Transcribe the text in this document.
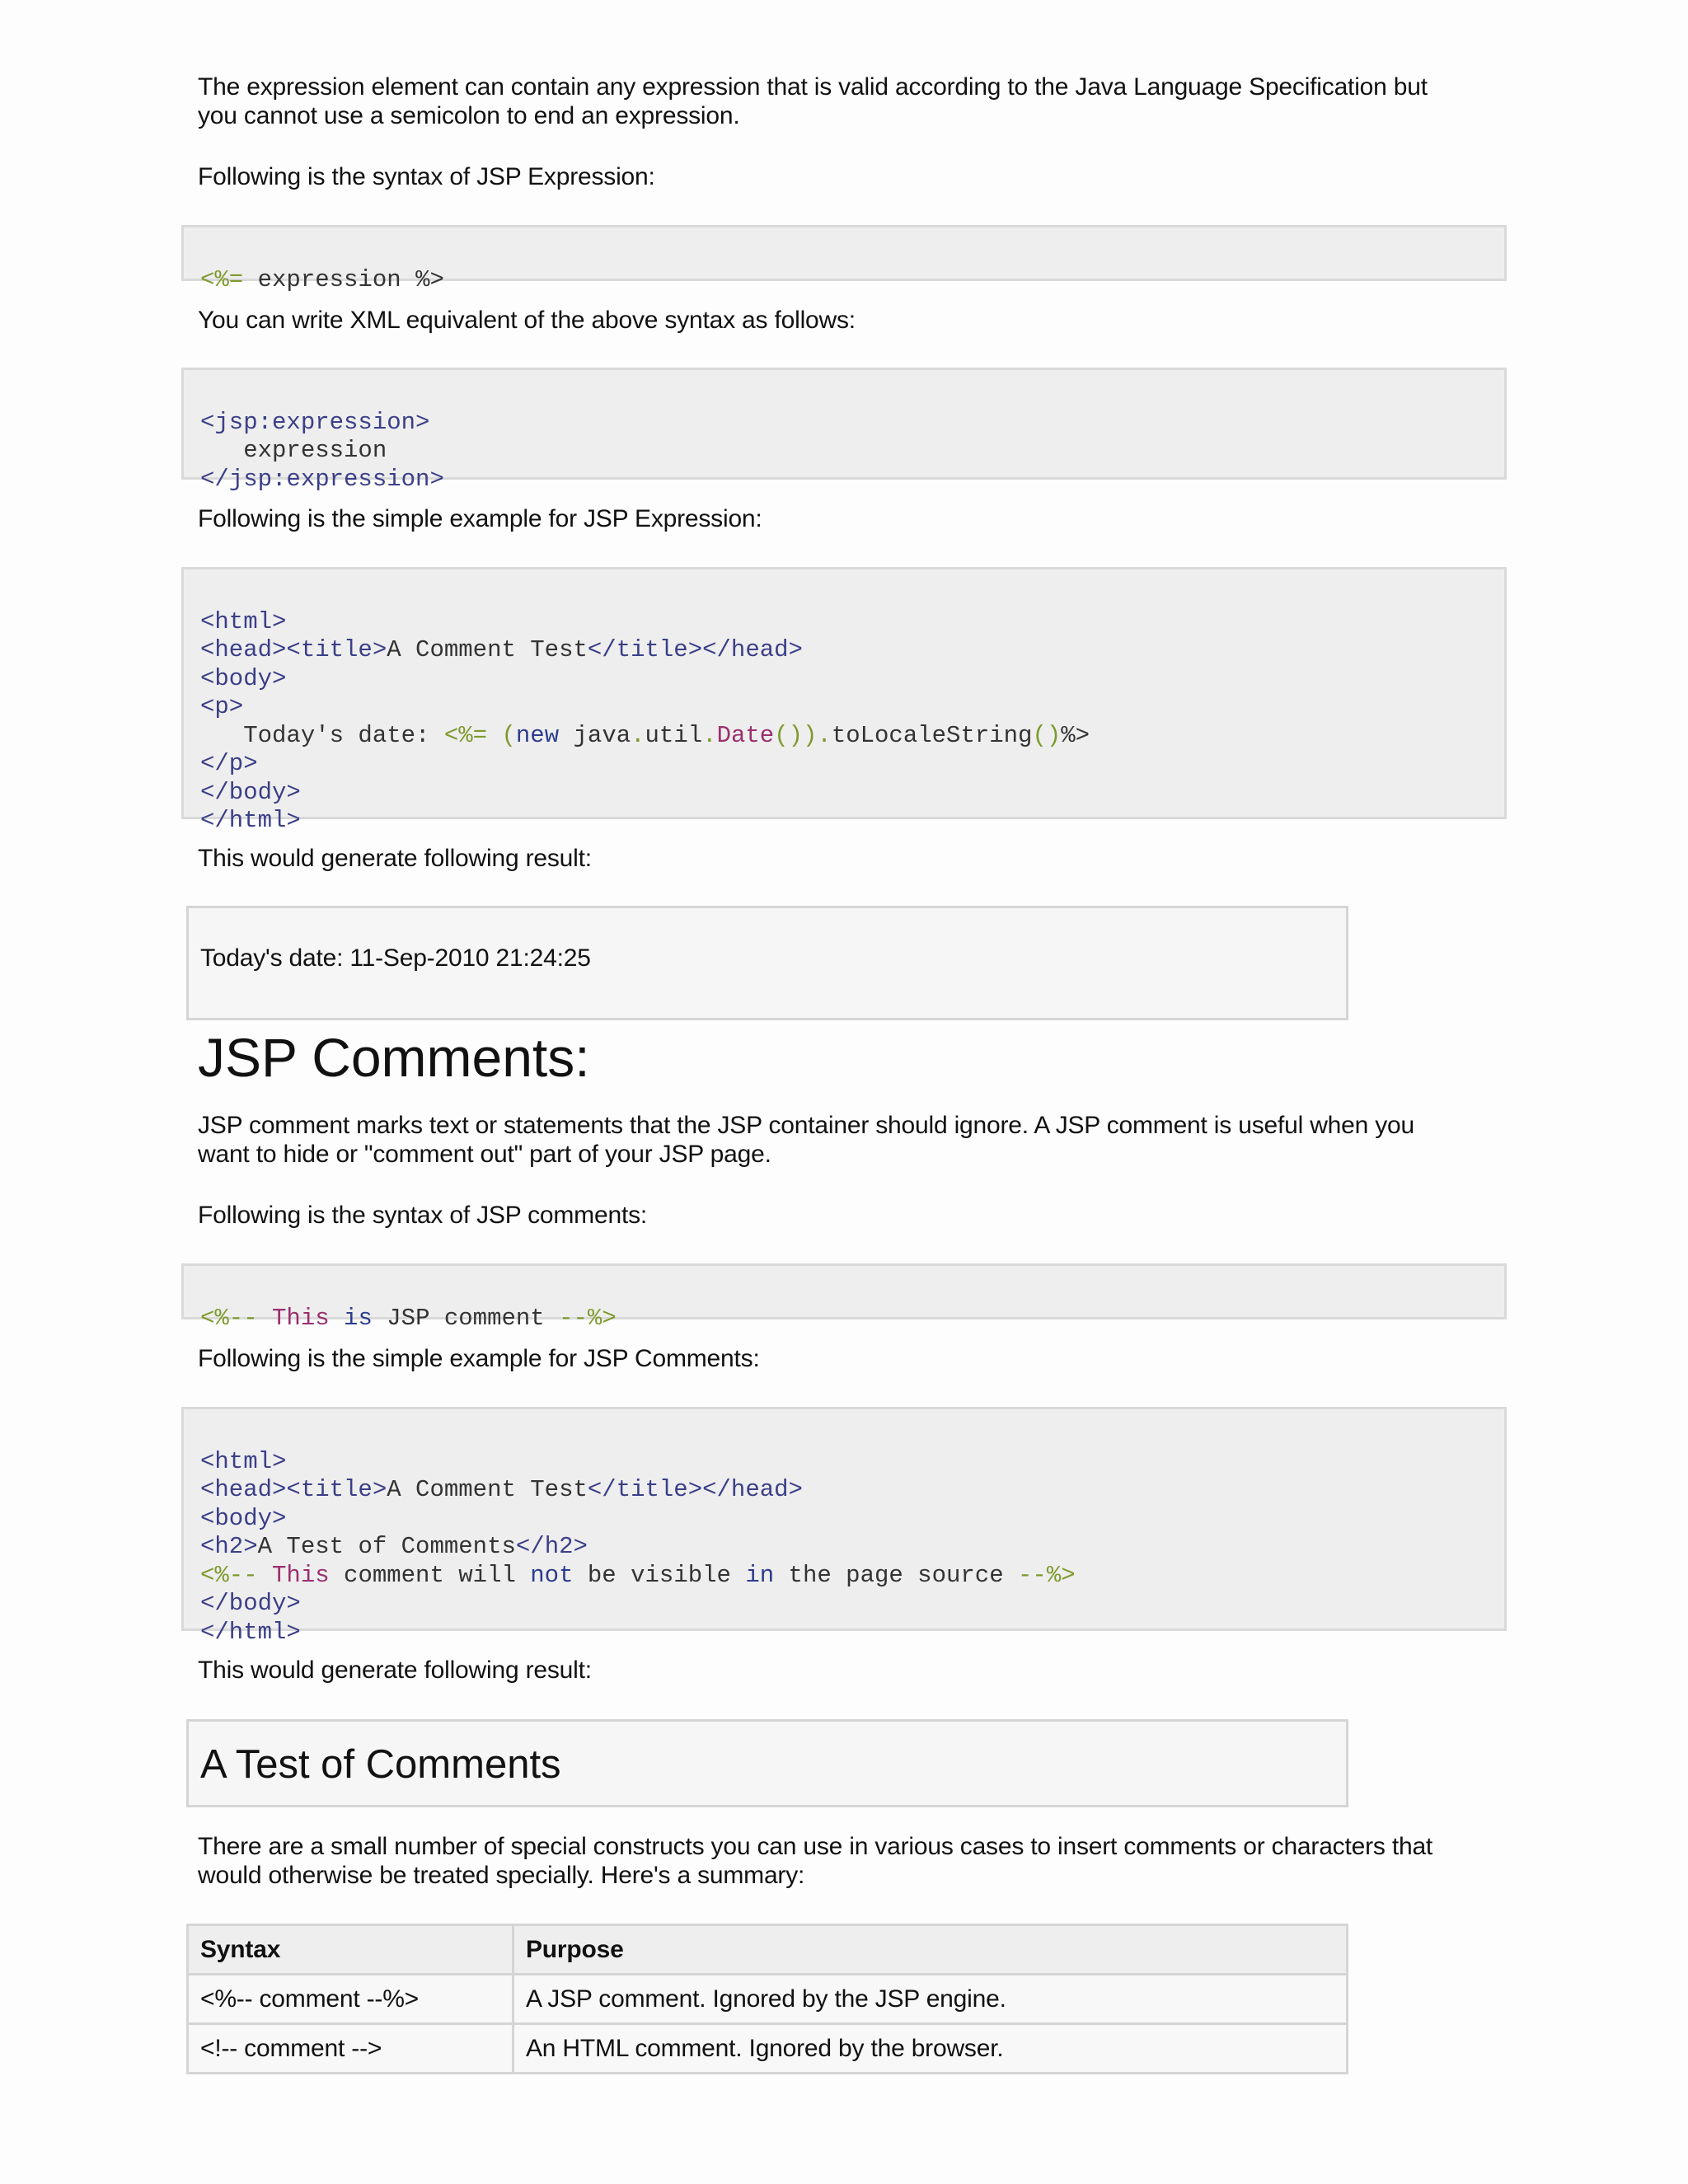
The expression element can contain any expression that is valid according to the Java Language Specification but

you cannot use a semicolon to end an expression.

Following is the syntax of JSP Expression:

<%= expression %>

You can write XML equivalent of the above syntax as follows:

<jsp:expression>
expression
</jsp:expression>

Following is the simple example for JSP Expression:

<html>
<head><title>A Comment Test</title></head>
<body>
<p>
Today's date: <%= (new java.util.Date()).toLocaleString()%>
</p>
</body>
</html>

This would generate following result:

Today's date: 11-Sep-2010 21:24:25

JSP Comments:

JSP comment marks text or statements that the JSP container should ignore. A JSP comment is useful when you

want to hide or "comment out" part of your JSP page.

Following is the syntax of JSP comments:

<%-- This is JSP comment --%>

Following is the simple example for JSP Comments:

<html>
<head><title>A Comment Test</title></head>
<body>
<h2>A Test of Comments</h2>
<%-- This comment will not be visible in the page source --%>
</body>
</html>

This would generate following result:

A Test of Comments

There are a small number of special constructs you can use in various cases to insert comments or characters that

would otherwise be treated specially. Here's a summary:

Syntax	Purpose
<%-- comment --%>	A JSP comment. Ignored by the JSP engine.
<!-- comment -->	An HTML comment. Ignored by the browser.
